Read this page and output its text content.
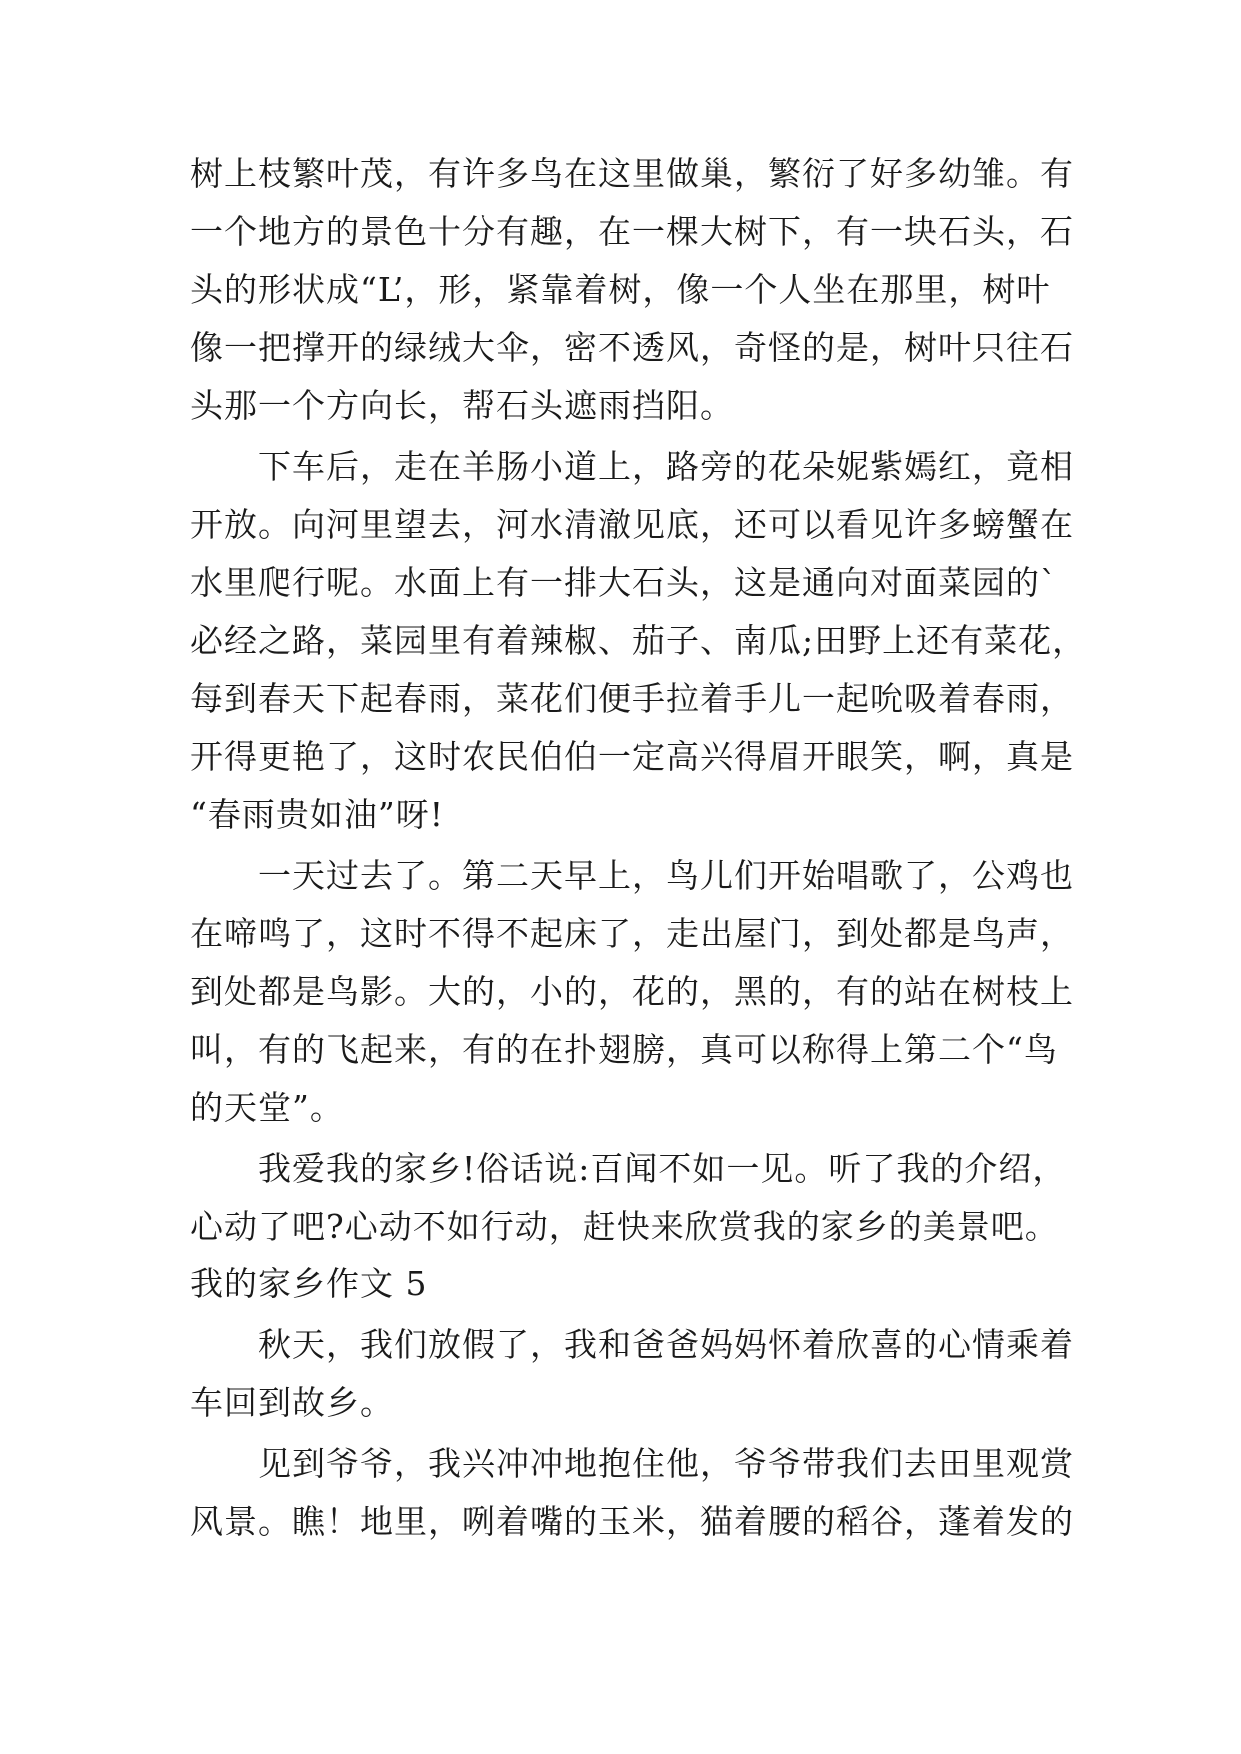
树上枝繁叶茂，有许多鸟在这里做巢，繁衍了好多幼雏。有
一个地方的景色十分有趣，在一棵大树下，有一块石头，石
头的形状成“L’，形，紧靠着树，像一个人坐在那里，树叶
像一把撑开的绿绒大伞，密不透风，奇怪的是，树叶只往石
头那一个方向长，帮石头遮雨挡阳。
下车后，走在羊肠小道上，路旁的花朵妮紫嫣红，竟相
开放。向河里望去，河水清澈见底，还可以看见许多螃蟹在
水里爬行呢。水面上有一排大石头，这是通向对面菜园的`
必经之路，菜园里有着辣椒、茄子、南瓜;田野上还有菜花，
每到春天下起春雨，菜花们便手拉着手儿一起吮吸着春雨，
开得更艳了，这时农民伯伯一定高兴得眉开眼笑，啊，真是
“春雨贵如油”呀!
一天过去了。第二天早上，鸟儿们开始唱歌了，公鸡也
在啼鸣了，这时不得不起床了，走出屋门，到处都是鸟声，
到处都是鸟影。大的，小的，花的，黑的，有的站在树枝上
叫，有的飞起来，有的在扑翅膀，真可以称得上第二个“鸟
的天堂”。
我爱我的家乡!俗话说:百闻不如一见。听了我的介绍，
心动了吧?心动不如行动，赶快来欣赏我的家乡的美景吧。
我的家乡作文 5
秋天，我们放假了，我和爸爸妈妈怀着欣喜的心情乘着
车回到故乡。
见到爷爷，我兴冲冲地抱住他，爷爷带我们去田里观赏
风景。瞧！地里，咧着嘴的玉米，猫着腰的稻谷，蓬着发的
